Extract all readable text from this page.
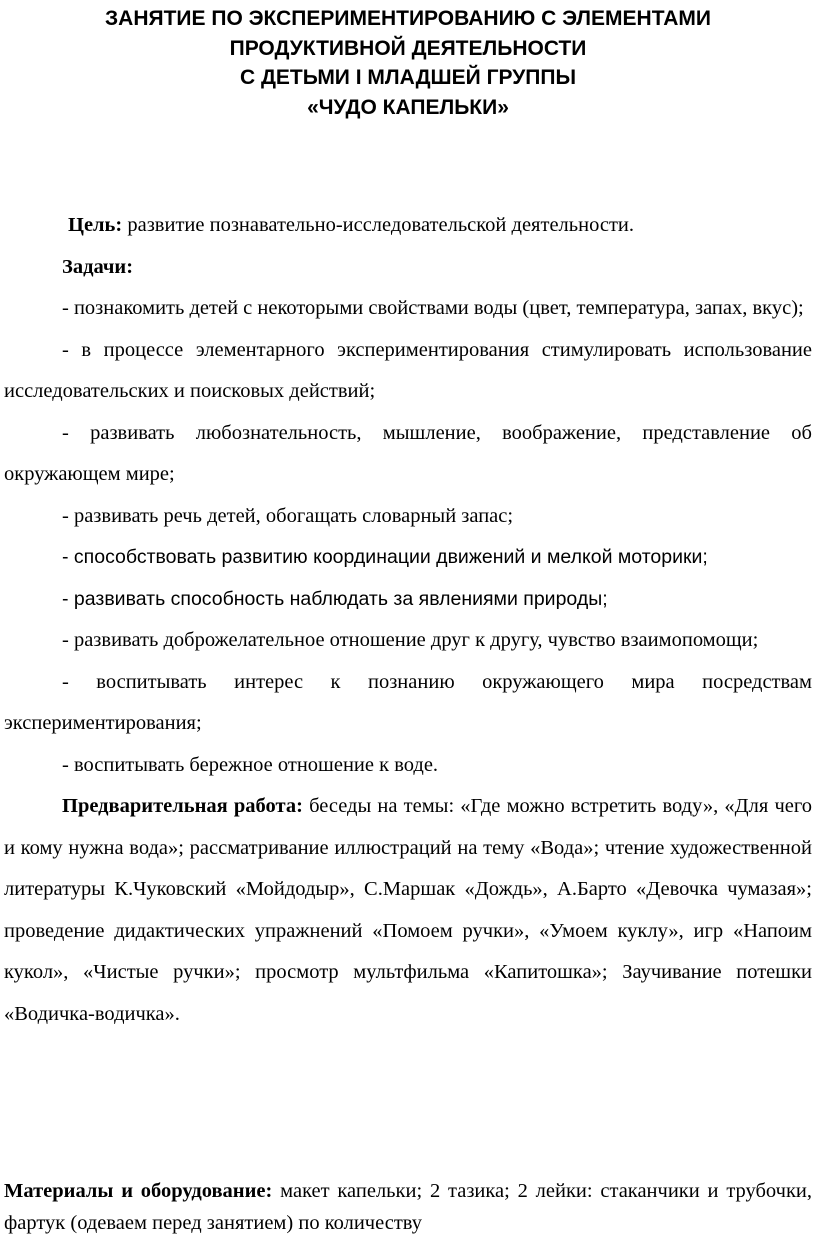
ЗАНЯТИЕ ПО ЭКСПЕРИМЕНТИРОВАНИЮ С ЭЛЕМЕНТАМИ
ПРОДУКТИВНОЙ ДЕЯТЕЛЬНОСТИ
С ДЕТЬМИ I МЛАДШЕЙ ГРУППЫ
«ЧУДО КАПЕЛЬКИ»

Цель: развитие познавательно-исследовательской деятельности.

Задачи:

- познакомить детей с некоторыми свойствами воды (цвет, температура, запах, вкус);

- в процессе элементарного экспериментирования стимулировать использование исследовательских и поисковых действий;

- развивать любознательность, мышление, воображение, представление об окружающем мире;

- развивать речь детей, обогащать словарный запас;

- способствовать развитию координации движений и мелкой моторики;

- развивать способность наблюдать за явлениями природы;

- развивать доброжелательное отношение друг к другу, чувство взаимопомощи;

- воспитывать интерес к познанию окружающего мира посредствам экспериментирования;

- воспитывать бережное отношение к воде.

Предварительная работа: беседы на темы: «Где можно встретить воду», «Для чего и кому нужна вода»; рассматривание иллюстраций на тему «Вода»; чтение художественной литературы К.Чуковский «Мойдодыр», С.Маршак «Дождь», А.Барто «Девочка чумазая»; проведение дидактических упражнений «Помоем ручки», «Умоем куклу», игр «Напоим кукол», «Чистые ручки»; просмотр мультфильма «Капитошка»; Заучивание потешки «Водичка-водичка».

Материалы и оборудование: макет капельки; 2 тазика; 2 лейки: стаканчики и трубочки, фартук (одеваем перед занятием) по количеству
